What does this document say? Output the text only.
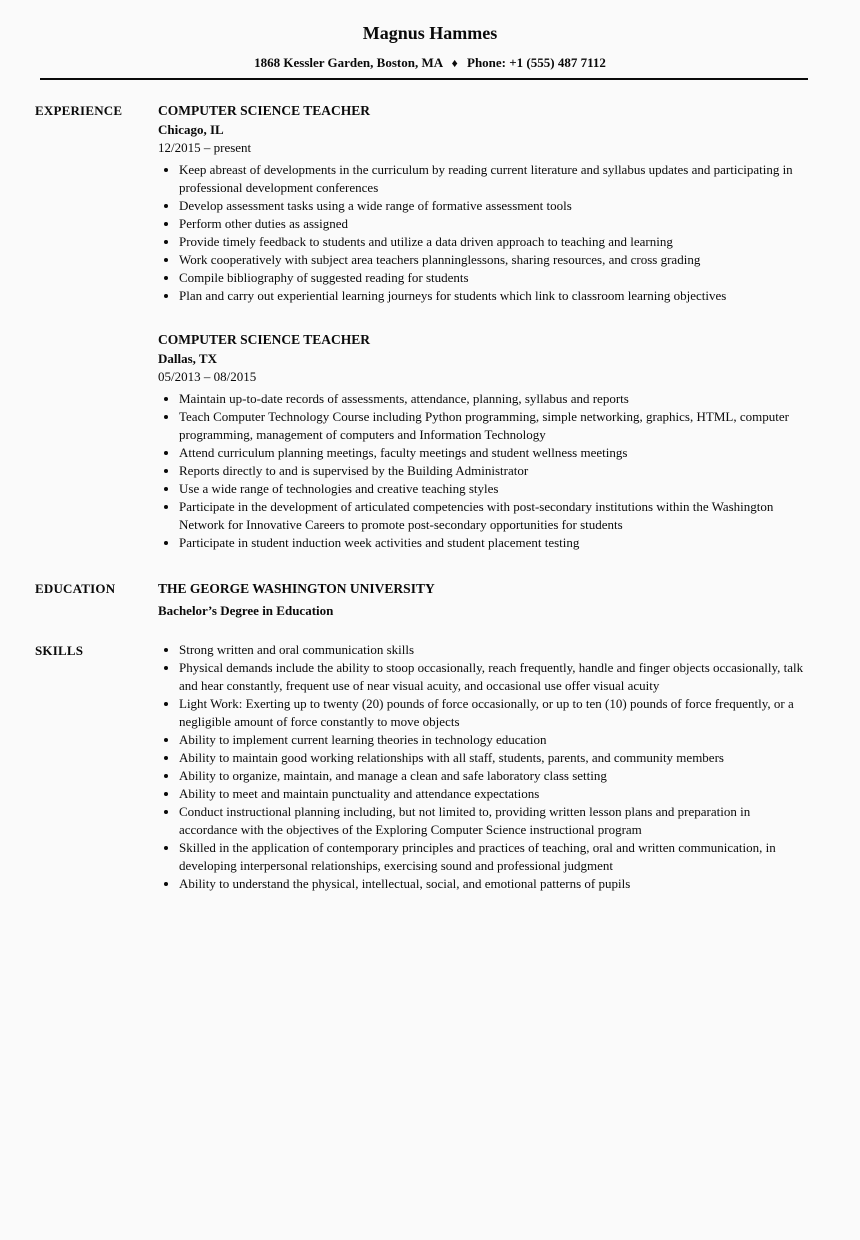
Magnus Hammes
1868 Kessler Garden, Boston, MA ♦ Phone: +1 (555) 487 7112
EXPERIENCE	COMPUTER SCIENCE TEACHER
Chicago, IL
12/2015 – present
• Keep abreast of developments in the curriculum by reading current literature and syllabus updates and participating in professional development conferences
• Develop assessment tasks using a wide range of formative assessment tools
• Perform other duties as assigned
• Provide timely feedback to students and utilize a data driven approach to teaching and learning
• Work cooperatively with subject area teachers planninglessons, sharing resources, and cross grading
• Compile bibliography of suggested reading for students
• Plan and carry out experiential learning journeys for students which link to classroom learning objectives
COMPUTER SCIENCE TEACHER
Dallas, TX
05/2013 – 08/2015
• Maintain up-to-date records of assessments, attendance, planning, syllabus and reports
• Teach Computer Technology Course including Python programming, simple networking, graphics, HTML, computer programming, management of computers and Information Technology
• Attend curriculum planning meetings, faculty meetings and student wellness meetings
• Reports directly to and is supervised by the Building Administrator
• Use a wide range of technologies and creative teaching styles
• Participate in the development of articulated competencies with post-secondary institutions within the Washington Network for Innovative Careers to promote post-secondary opportunities for students
• Participate in student induction week activities and student placement testing
EDUCATION	THE GEORGE WASHINGTON UNIVERSITY
Bachelor’s Degree in Education
SKILLS	• Strong written and oral communication skills
• Physical demands include the ability to stoop occasionally, reach frequently, handle and finger objects occasionally, talk and hear constantly, frequent use of near visual acuity, and occasional use offer visual acuity
• Light Work: Exerting up to twenty (20) pounds of force occasionally, or up to ten (10) pounds of force frequently, or a negligible amount of force constantly to move objects
• Ability to implement current learning theories in technology education
• Ability to maintain good working relationships with all staff, students, parents, and community members
• Ability to organize, maintain, and manage a clean and safe laboratory class setting
• Ability to meet and maintain punctuality and attendance expectations
• Conduct instructional planning including, but not limited to, providing written lesson plans and preparation in accordance with the objectives of the Exploring Computer Science instructional program
• Skilled in the application of contemporary principles and practices of teaching, oral and written communication, in developing interpersonal relationships, exercising sound and professional judgment
• Ability to understand the physical, intellectual, social, and emotional patterns of pupils
